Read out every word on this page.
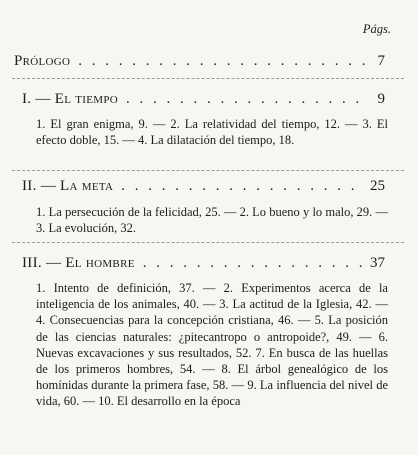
Págs.
Prólogo . . .	7
I. — El tiempo . . .	9
1. El gran enigma, 9. — 2. La relatividad del tiempo, 12. — 3. El efecto doble, 15. — 4. La dilatación del tiempo, 18.
II. — La meta . . .	25
1. La persecución de la felicidad, 25. — 2. Lo bueno y lo malo, 29. — 3. La evolución, 32.
III. — El hombre . . .	37
1. Intento de definición, 37. — 2. Experimentos acerca de la inteligencia de los animales, 40. — 3. La actitud de la Iglesia, 42. — 4. Consecuencias para la concepción cristiana, 46. — 5. La posición de las ciencias naturales: ¿pitecantropo o antropoide?, 49. — 6. Nuevas excavaciones y sus resultados, 52. 7. En busca de las huellas de los primeros hombres, 54. — 8. El árbol genealógico de los homínidas durante la primera fase, 58. — 9. La influencia del nivel de vida, 60. — 10. El desarrollo en la época
